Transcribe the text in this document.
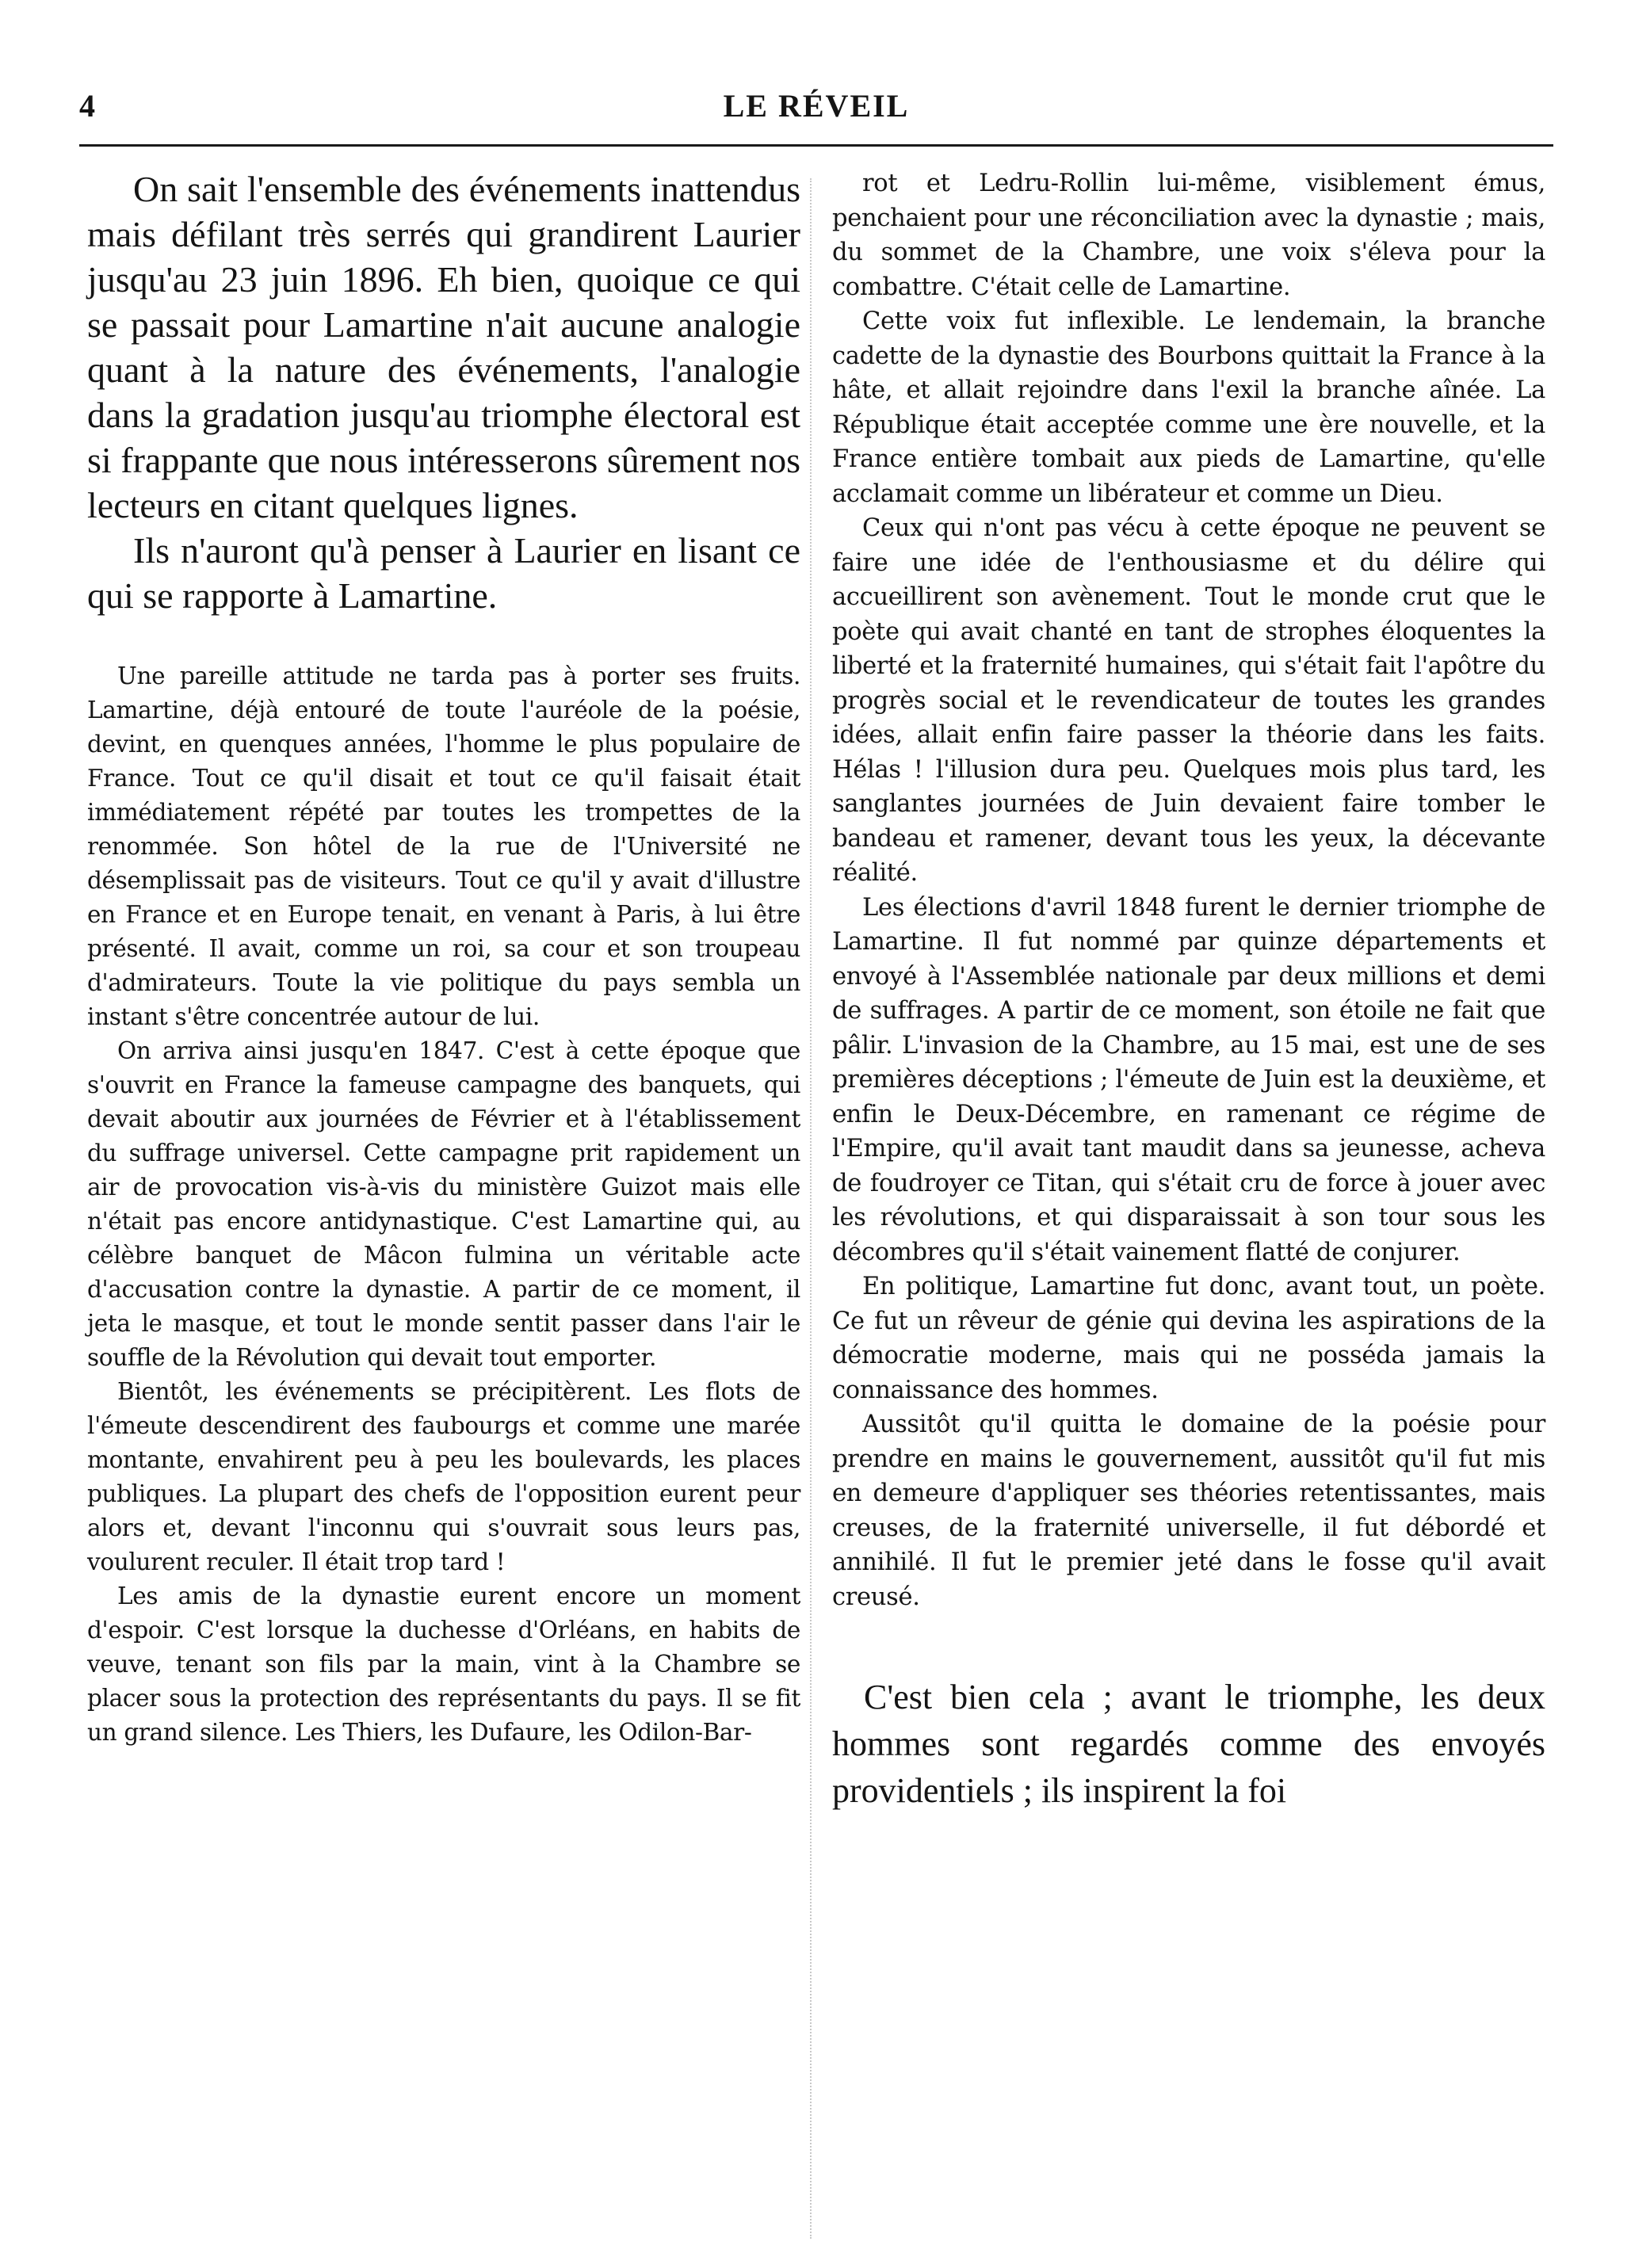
4	LE RÉVEIL

On sait l'ensemble des événements inattendus mais défilant très serrés qui grandirent Laurier jusqu'au 23 juin 1896. Eh bien, quoique ce qui se passait pour Lamartine n'ait aucune analogie quant à la nature des événements, l'analogie dans la gradation jusqu'au triomphe électoral est si frappante que nous intéresserons sûrement nos lecteurs en citant quelques lignes.

Ils n'auront qu'à penser à Laurier en lisant ce qui se rapporte à Lamartine.

Une pareille attitude ne tarda pas à porter ses fruits. Lamartine, déjà entouré de toute l'auréole de la poésie, devint, en quenques années, l'homme le plus populaire de France. Tout ce qu'il disait et tout ce qu'il faisait était immédiatement répété par toutes les trompettes de la renommée. Son hôtel de la rue de l'Université ne désemplissait pas de visiteurs. Tout ce qu'il y avait d'illustre en France et en Europe tenait, en venant à Paris, à lui être présenté. Il avait, comme un roi, sa cour et son troupeau d'admirateurs. Toute la vie politique du pays sembla un instant s'être concentrée autour de lui.

On arriva ainsi jusqu'en 1847. C'est à cette époque que s'ouvrit en France la fameuse campagne des banquets, qui devait aboutir aux journées de Février et à l'établissement du suffrage universel. Cette campagne prit rapidement un air de provocation vis-à-vis du ministère Guizot mais elle n'était pas encore antidynastique. C'est Lamartine qui, au célèbre banquet de Mâcon fulmina un véritable acte d'accusation contre la dynastie. A partir de ce moment, il jeta le masque, et tout le monde sentit passer dans l'air le souffle de la Révolution qui devait tout emporter.

Bientôt, les événements se précipitèrent. Les flots de l'émeute descendirent des faubourgs et comme une marée montante, envahirent peu à peu les boulevards, les places publiques. La plupart des chefs de l'opposition eurent peur alors et, devant l'inconnu qui s'ouvrait sous leurs pas, voulurent reculer. Il était trop tard !

Les amis de la dynastie eurent encore un moment d'espoir. C'est lorsque la duchesse d'Orléans, en habits de veuve, tenant son fils par la main, vint à la Chambre se placer sous la protection des représentants du pays. Il se fit un grand silence. Les Thiers, les Dufaure, les Odilon-Bar-

rot et Ledru-Rollin lui-même, visiblement émus, penchaient pour une réconciliation avec la dynastie ; mais, du sommet de la Chambre, une voix s'éleva pour la combattre. C'était celle de Lamartine.

Cette voix fut inflexible. Le lendemain, la branche cadette de la dynastie des Bourbons quittait la France à la hâte, et allait rejoindre dans l'exil la branche aînée. La République était acceptée comme une ère nouvelle, et la France entière tombait aux pieds de Lamartine, qu'elle acclamait comme un libérateur et comme un Dieu.

Ceux qui n'ont pas vécu à cette époque ne peuvent se faire une idée de l'enthousiasme et du délire qui accueillirent son avènement. Tout le monde crut que le poète qui avait chanté en tant de strophes éloquentes la liberté et la fraternité humaines, qui s'était fait l'apôtre du progrès social et le revendicateur de toutes les grandes idées, allait enfin faire passer la théorie dans les faits. Hélas ! l'illusion dura peu. Quelques mois plus tard, les sanglantes journées de Juin devaient faire tomber le bandeau et ramener, devant tous les yeux, la décevante réalité.

Les élections d'avril 1848 furent le dernier triomphe de Lamartine. Il fut nommé par quinze départements et envoyé à l'Assemblée nationale par deux millions et demi de suffrages. A partir de ce moment, son étoile ne fait que pâlir. L'invasion de la Chambre, au 15 mai, est une de ses premières déceptions ; l'émeute de Juin est la deuxième, et enfin le Deux-Décembre, en ramenant ce régime de l'Empire, qu'il avait tant maudit dans sa jeunesse, acheva de foudroyer ce Titan, qui s'était cru de force à jouer avec les révolutions, et qui disparaissait à son tour sous les décombres qu'il s'était vainement flatté de conjurer.

En politique, Lamartine fut donc, avant tout, un poète. Ce fut un rêveur de génie qui devina les aspirations de la démocratie moderne, mais qui ne posséda jamais la connaissance des hommes.

Aussitôt qu'il quitta le domaine de la poésie pour prendre en mains le gouvernement, aussitôt qu'il fut mis en demeure d'appliquer ses théories retentissantes, mais creuses, de la fraternité universelle, il fut débordé et annihilé. Il fut le premier jeté dans le fosse qu'il avait creusé.

C'est bien cela ; avant le triomphe, les deux hommes sont regardés comme des envoyés providentiels ; ils inspirent la foi
